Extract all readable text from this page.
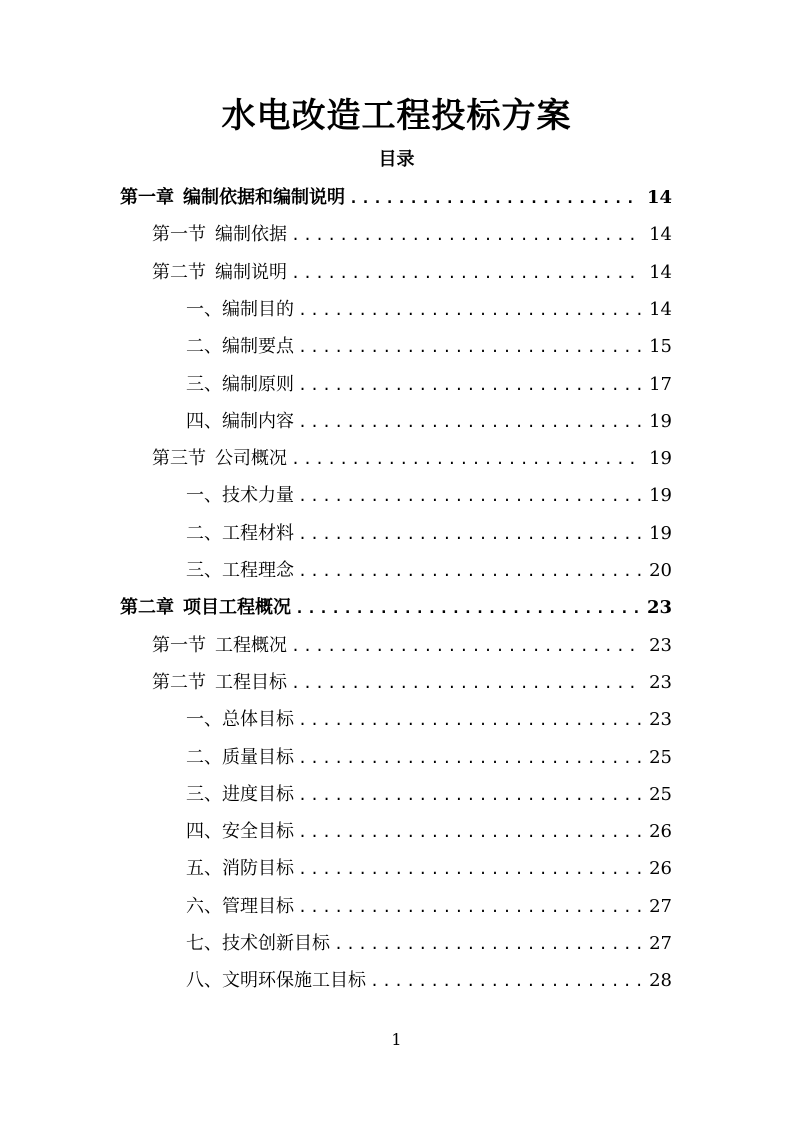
水电改造工程投标方案
目录
第一章 编制依据和编制说明 .....	14
第一节 编制依据 .....	14
第二节 编制说明 .....	14
一、编制目的 .....	14
二、编制要点 .....	15
三、编制原则 .....	17
四、编制内容 .....	19
第三节 公司概况 .....	19
一、技术力量 .....	19
二、工程材料 .....	19
三、工程理念 .....	20
第二章 项目工程概况 .....	23
第一节 工程概况 .....	23
第二节 工程目标 .....	23
一、总体目标 .....	23
二、质量目标 .....	25
三、进度目标 .....	25
四、安全目标 .....	26
五、消防目标 .....	26
六、管理目标 .....	27
七、技术创新目标 .....	27
八、文明环保施工目标 .....	28
1
